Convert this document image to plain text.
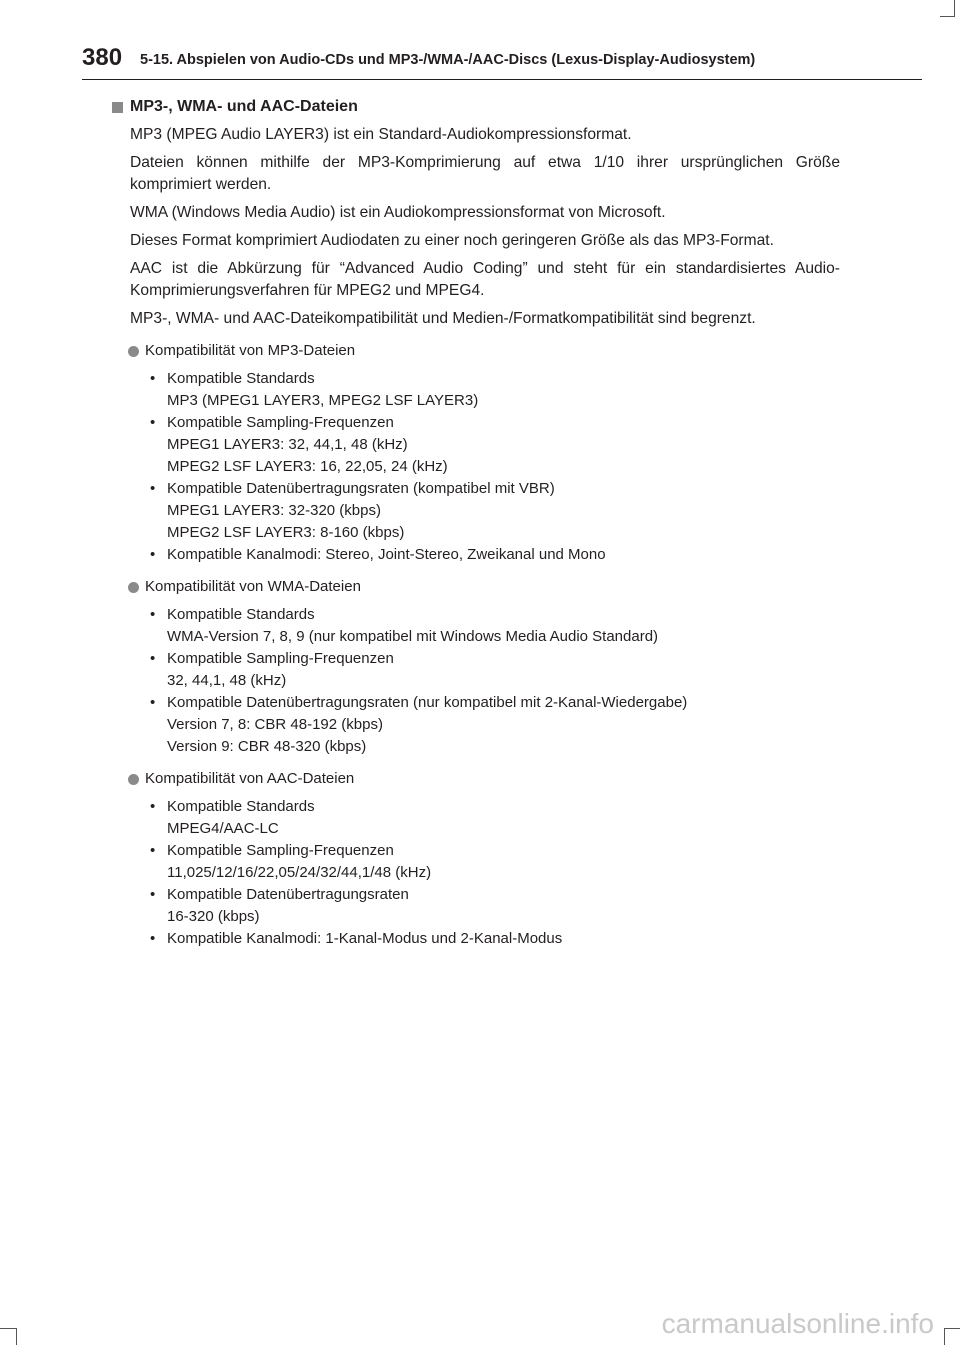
380 5-15. Abspielen von Audio-CDs und MP3-/WMA-/AAC-Discs (Lexus-Display-Audiosystem)
MP3-, WMA- und AAC-Dateien

MP3 (MPEG Audio LAYER3) ist ein Standard-Audiokompressionsformat.

Dateien können mithilfe der MP3-Komprimierung auf etwa 1/10 ihrer ursprünglichen Größe komprimiert werden.

WMA (Windows Media Audio) ist ein Audiokompressionsformat von Microsoft.

Dieses Format komprimiert Audiodaten zu einer noch geringeren Größe als das MP3-Format.

AAC ist die Abkürzung für “Advanced Audio Coding” und steht für ein standardisiertes Audio-Komprimierungsverfahren für MPEG2 und MPEG4.

MP3-, WMA- und AAC-Dateikompatibilität und Medien-/Formatkompatibilität sind begrenzt.

Kompatibilität von MP3-Dateien
• Kompatible Standards
MP3 (MPEG1 LAYER3, MPEG2 LSF LAYER3)
• Kompatible Sampling-Frequenzen
MPEG1 LAYER3: 32, 44,1, 48 (kHz)
MPEG2 LSF LAYER3: 16, 22,05, 24 (kHz)
• Kompatible Datenübertragungsraten (kompatibel mit VBR)
MPEG1 LAYER3: 32-320 (kbps)
MPEG2 LSF LAYER3: 8-160 (kbps)
• Kompatible Kanalmodi: Stereo, Joint-Stereo, Zweikanal und Mono
Kompatibilität von WMA-Dateien
• Kompatible Standards
WMA-Version 7, 8, 9 (nur kompatibel mit Windows Media Audio Standard)
• Kompatible Sampling-Frequenzen
32, 44,1, 48 (kHz)
• Kompatible Datenübertragungsraten (nur kompatibel mit 2-Kanal-Wiedergabe)
Version 7, 8: CBR 48-192 (kbps)
Version 9: CBR 48-320 (kbps)
Kompatibilität von AAC-Dateien
• Kompatible Standards
MPEG4/AAC-LC
• Kompatible Sampling-Frequenzen
11,025/12/16/22,05/24/32/44,1/48 (kHz)
• Kompatible Datenübertragungsraten
16-320 (kbps)
• Kompatible Kanalmodi: 1-Kanal-Modus und 2-Kanal-Modus
carmanualsonline.info
